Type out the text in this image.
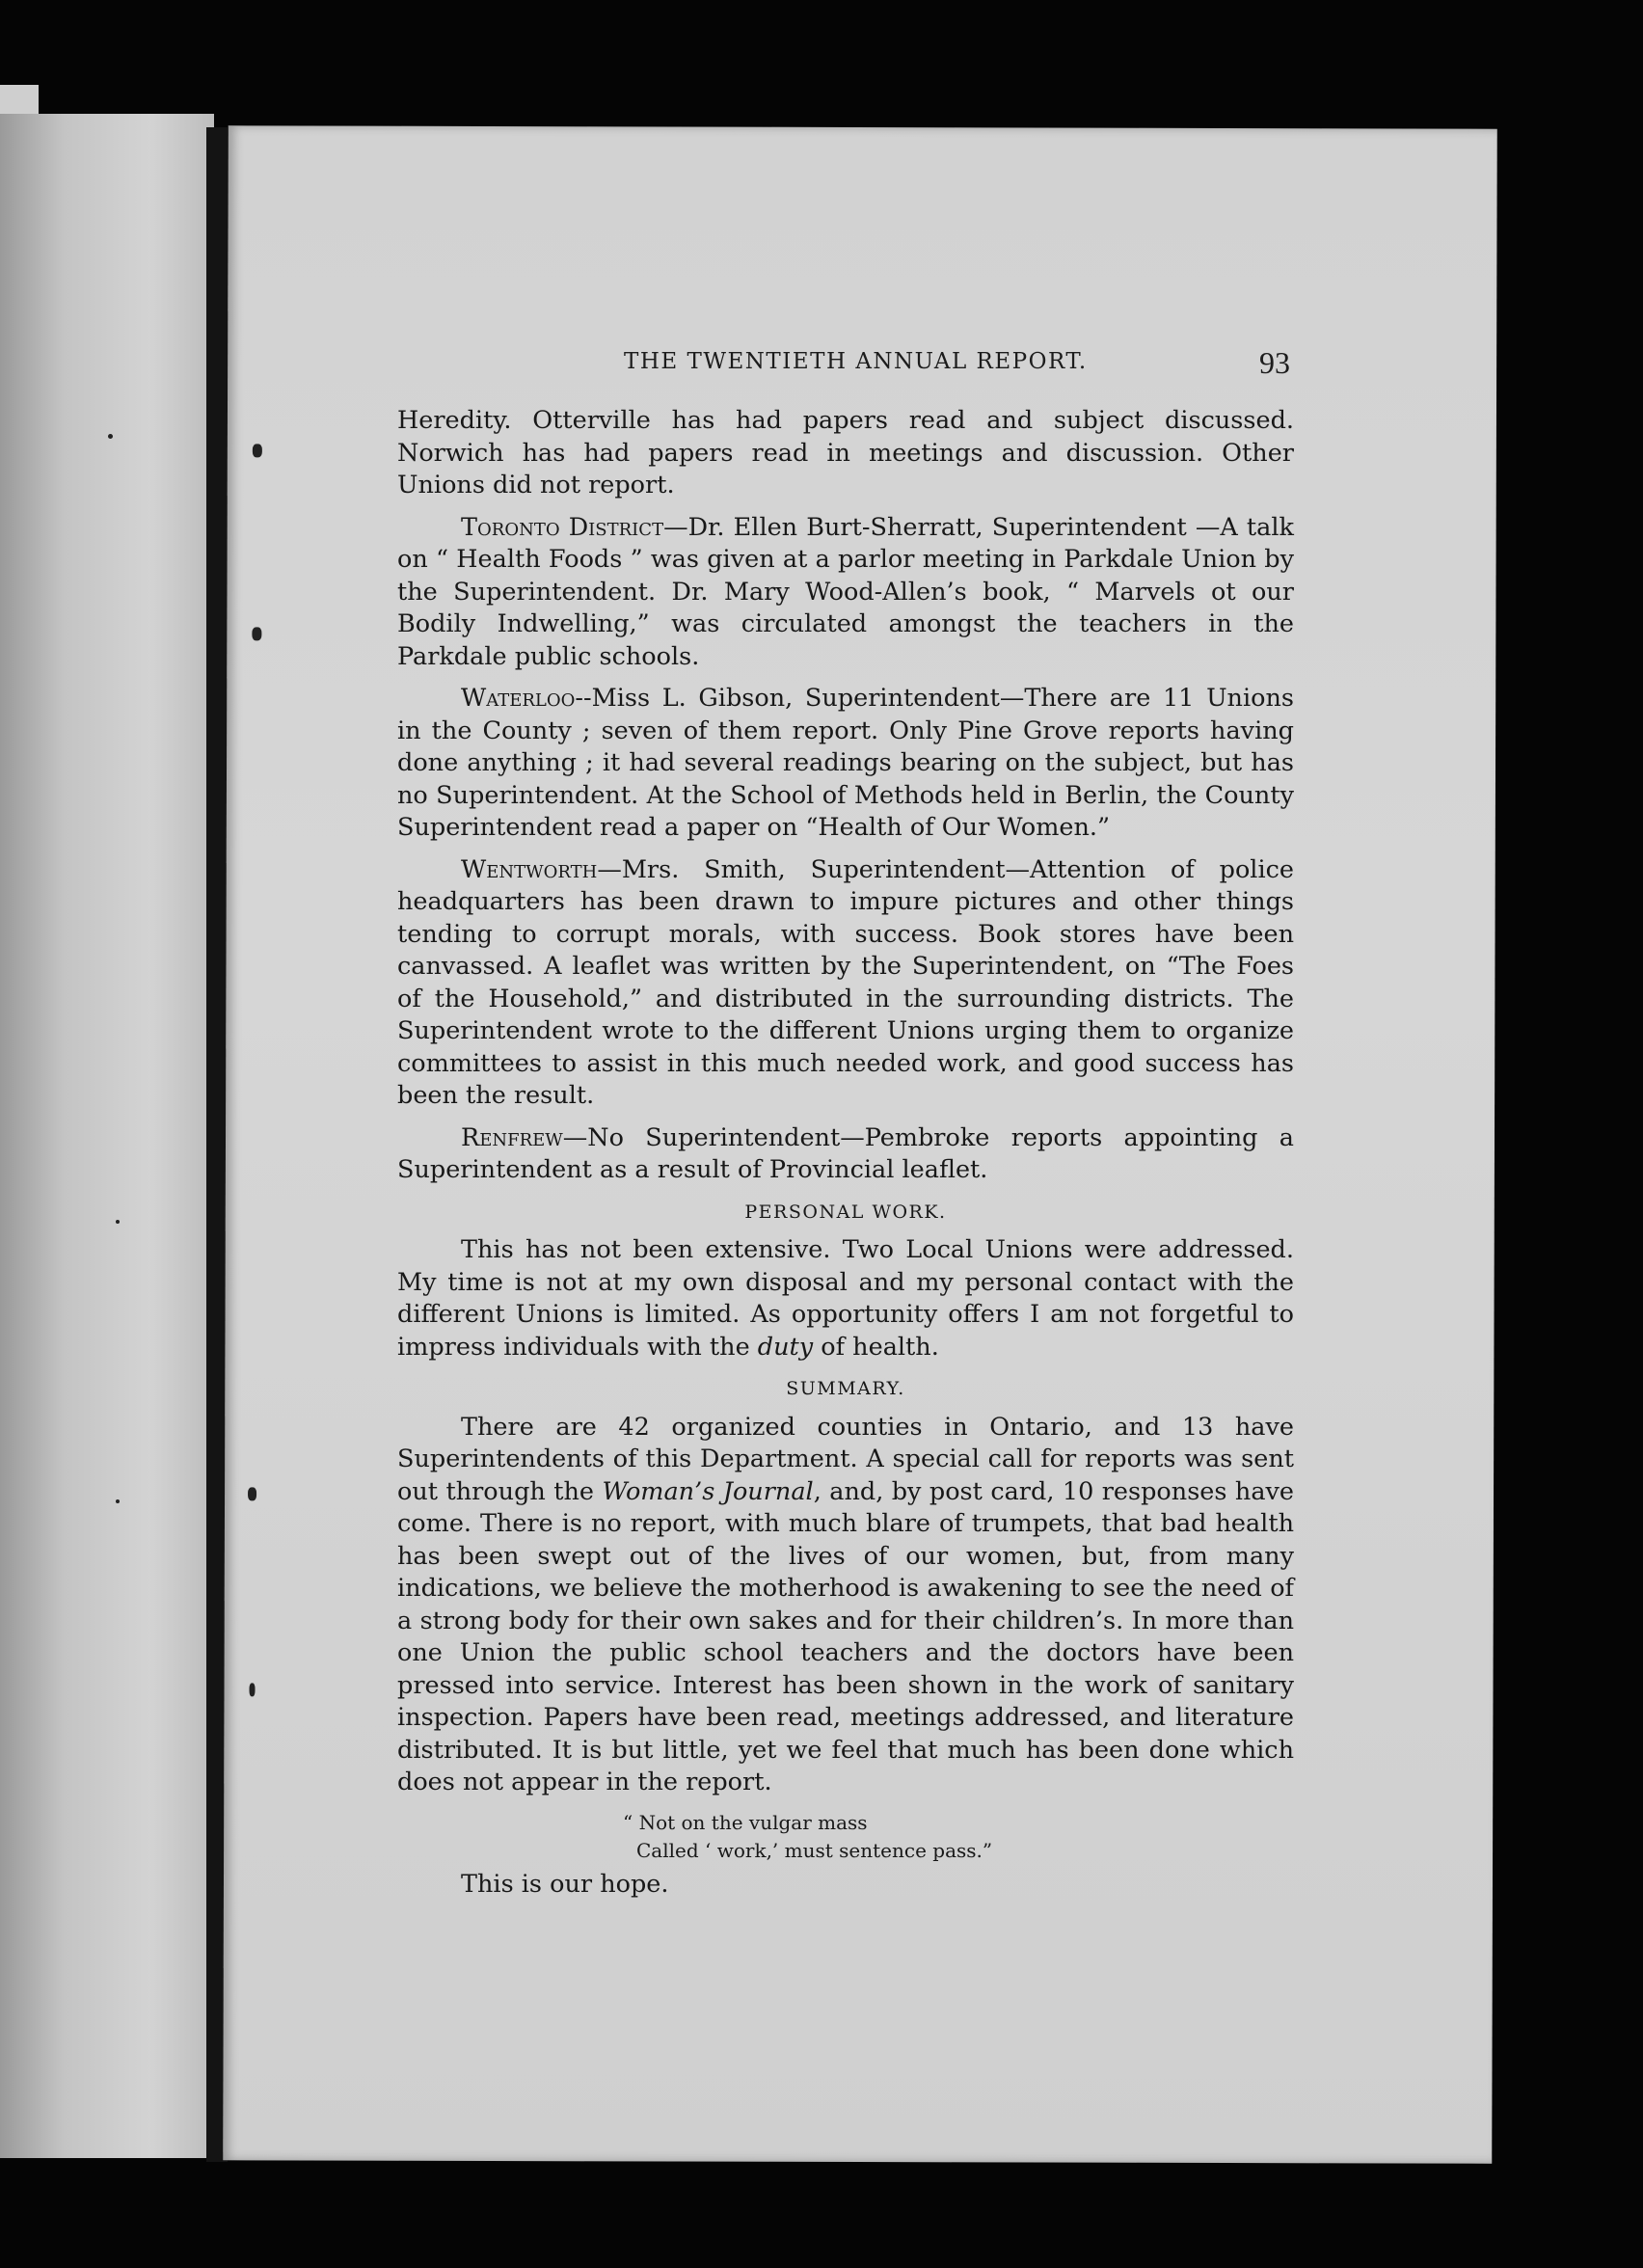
THE TWENTIETH ANNUAL REPORT.	93

Heredity. Otterville has had papers read and subject discussed. Norwich has had papers read in meetings and discussion. Other Unions did not report.

Toronto District—Dr. Ellen Burt-Sherratt, Superintendent —A talk on “ Health Foods ” was given at a parlor meeting in Parkdale Union by the Superintendent. Dr. Mary Wood-Allen’s book, “ Marvels ot our Bodily Indwelling,” was circulated amongst the teachers in the Parkdale public schools.

Waterloo--Miss L. Gibson, Superintendent—There are 11 Unions in the County ; seven of them report. Only Pine Grove reports having done anything ; it had several readings bearing on the subject, but has no Superintendent. At the School of Methods held in Berlin, the County Superintendent read a paper on “Health of Our Women.”

Wentworth—Mrs. Smith, Superintendent—Attention of police headquarters has been drawn to impure pictures and other things tending to corrupt morals, with success. Book stores have been canvassed. A leaflet was written by the Superintendent, on “The Foes of the Household,” and distributed in the surrounding districts. The Superintendent wrote to the different Unions urging them to organize committees to assist in this much needed work, and good success has been the result.

Renfrew—No Superintendent—Pembroke reports appointing a Superintendent as a result of Provincial leaflet.

PERSONAL WORK.

This has not been extensive. Two Local Unions were addressed. My time is not at my own disposal and my personal contact with the different Unions is limited. As opportunity offers I am not forgetful to impress individuals with the duty of health.

SUMMARY.

There are 42 organized counties in Ontario, and 13 have Superintendents of this Department. A special call for reports was sent out through the Woman’s Journal, and, by post card, 10 responses have come. There is no report, with much blare of trumpets, that bad health has been swept out of the lives of our women, but, from many indications, we believe the motherhood is awakening to see the need of a strong body for their own sakes and for their children’s. In more than one Union the public school teachers and the doctors have been pressed into service. Interest has been shown in the work of sanitary inspection. Papers have been read, meetings addressed, and literature distributed. It is but little, yet we feel that much has been done which does not appear in the report.

“ Not on the vulgar mass
Called ‘ work,’ must sentence pass.”

This is our hope.
